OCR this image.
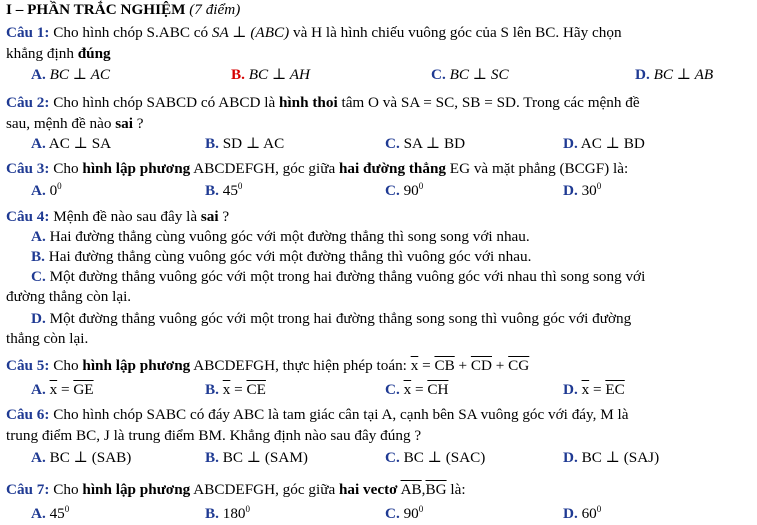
I – PHẦN TRẮC NGHIỆM (7 điểm)
Câu 1: Cho hình chóp S.ABC có SA ⊥ (ABC) và H là hình chiếu vuông góc của S lên BC. Hãy chọn
khẳng định đúng
A. BC ⊥ AC	B. BC ⊥ AH	C. BC ⊥ SC	D. BC ⊥ AB
Câu 2: Cho hình chóp SABCD có ABCD là hình thoi tâm O và SA = SC, SB = SD. Trong các mệnh đề
sau, mệnh đề nào sai ?
A. AC ⊥ SA	B. SD ⊥ AC	C. SA ⊥ BD	D. AC ⊥ BD
Câu 3: Cho hình lập phương ABCDEFGH, góc giữa hai đường thẳng EG và mặt phẳng (BCGF) là:
A. $0^0$	B. $45^0$	C. $90^0$	D. $30^0$
Câu 4: Mệnh đề nào sau đây là sai ?
A. Hai đường thẳng cùng vuông góc với một đường thẳng thì song song với nhau.
B. Hai đường thẳng cùng vuông góc với một đường thẳng thì vuông góc với nhau.
C. Một đường thẳng vuông góc với một trong hai đường thẳng vuông góc với nhau thì song song với
đường thẳng còn lại.
D. Một đường thẳng vuông góc với một trong hai đường thẳng song song thì vuông góc với đường
thẳng còn lại.
Câu 5: Cho hình lập phương ABCDEFGH, thực hiện phép toán: $\overline{x} = \overline{CB} + \overline{CD} + \overline{CG}$
A. $\overline{x} = \overline{GE}$	B. $\overline{x} = \overline{CE}$	C. $\overline{x} = \overline{CH}$	D. $\overline{x} = \overline{EC}$
Câu 6: Cho hình chóp SABC có đáy ABC là tam giác cân tại A, cạnh bên SA vuông góc với đáy, M là
trung điểm BC, J là trung điểm BM. Khẳng định nào sau đây đúng ?
A. BC ⊥ (SAB)	B. BC ⊥ (SAM)	C. BC ⊥ (SAC)	D. BC ⊥ (SAJ)
Câu 7: Cho hình lập phương ABCDEFGH, góc giữa hai vectơ $\overline{AB},\overline{BG}$ là:
A. $45^0$	B. $180^0$	C. $90^0$	D. $60^0$
